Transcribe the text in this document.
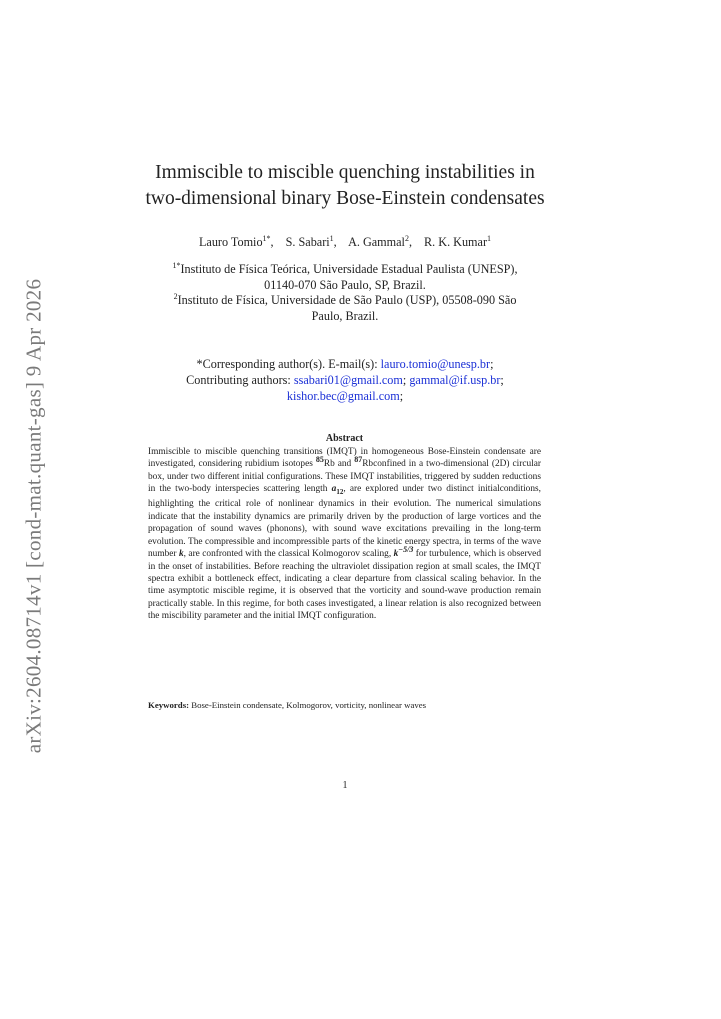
arXiv:2604.08714v1 [cond-mat.quant-gas] 9 Apr 2026
Immiscible to miscible quenching instabilities in
two-dimensional binary Bose-Einstein condensates
Lauro Tomio$^{1*}$, S. Sabari$^1$, A. Gammal$^2$, R. K. Kumar$^1$
$^{1*}$Instituto de Física Teórica, Universidade Estadual Paulista (UNESP),
01140-070 São Paulo, SP, Brazil.
$^2$Instituto de Física, Universidade de São Paulo (USP), 05508-090 São
Paulo, Brazil.
*Corresponding author(s). E-mail(s): lauro.tomio@unesp.br;
Contributing authors: ssabari01@gmail.com; gammal@if.usp.br;
kishor.bec@gmail.com;
Abstract
Immiscible to miscible quenching transitions (IMQT) in homogeneous Bose-Einstein condensate are investigated, considering rubidium isotopes $^{85}$Rb and $^{87}$Rbconfined in a two-dimensional (2D) circular box, under two different initial configurations. These IMQT instabilities, triggered by sudden reductions in the two-body interspecies scattering length $a_{12}$, are explored under two distinct initialconditions, highlighting the critical role of nonlinear dynamics in their evolution. The numerical simulations indicate that the instability dynamics are primarily driven by the production of large vortices and the propagation of sound waves (phonons), with sound wave excitations prevailing in the long-term evolution. The compressible and incompressible parts of the kinetic energy spectra, in terms of the wave number k, are confronted with the classical Kolmogorov scaling, $k^{-5/3}$ for turbulence, which is observed in the onset of instabilities. Before reaching the ultraviolet dissipation region at small scales, the IMQT spectra exhibit a bottleneck effect, indicating a clear departure from classical scaling behavior. In the time asymptotic miscible regime, it is observed that the vorticity and sound-wave production remain practically stable. In this regime, for both cases investigated, a linear relation is also recognized between the miscibility parameter and the initial IMQT configuration.
Keywords: Bose-Einstein condensate, Kolmogorov, vorticity, nonlinear waves
1
